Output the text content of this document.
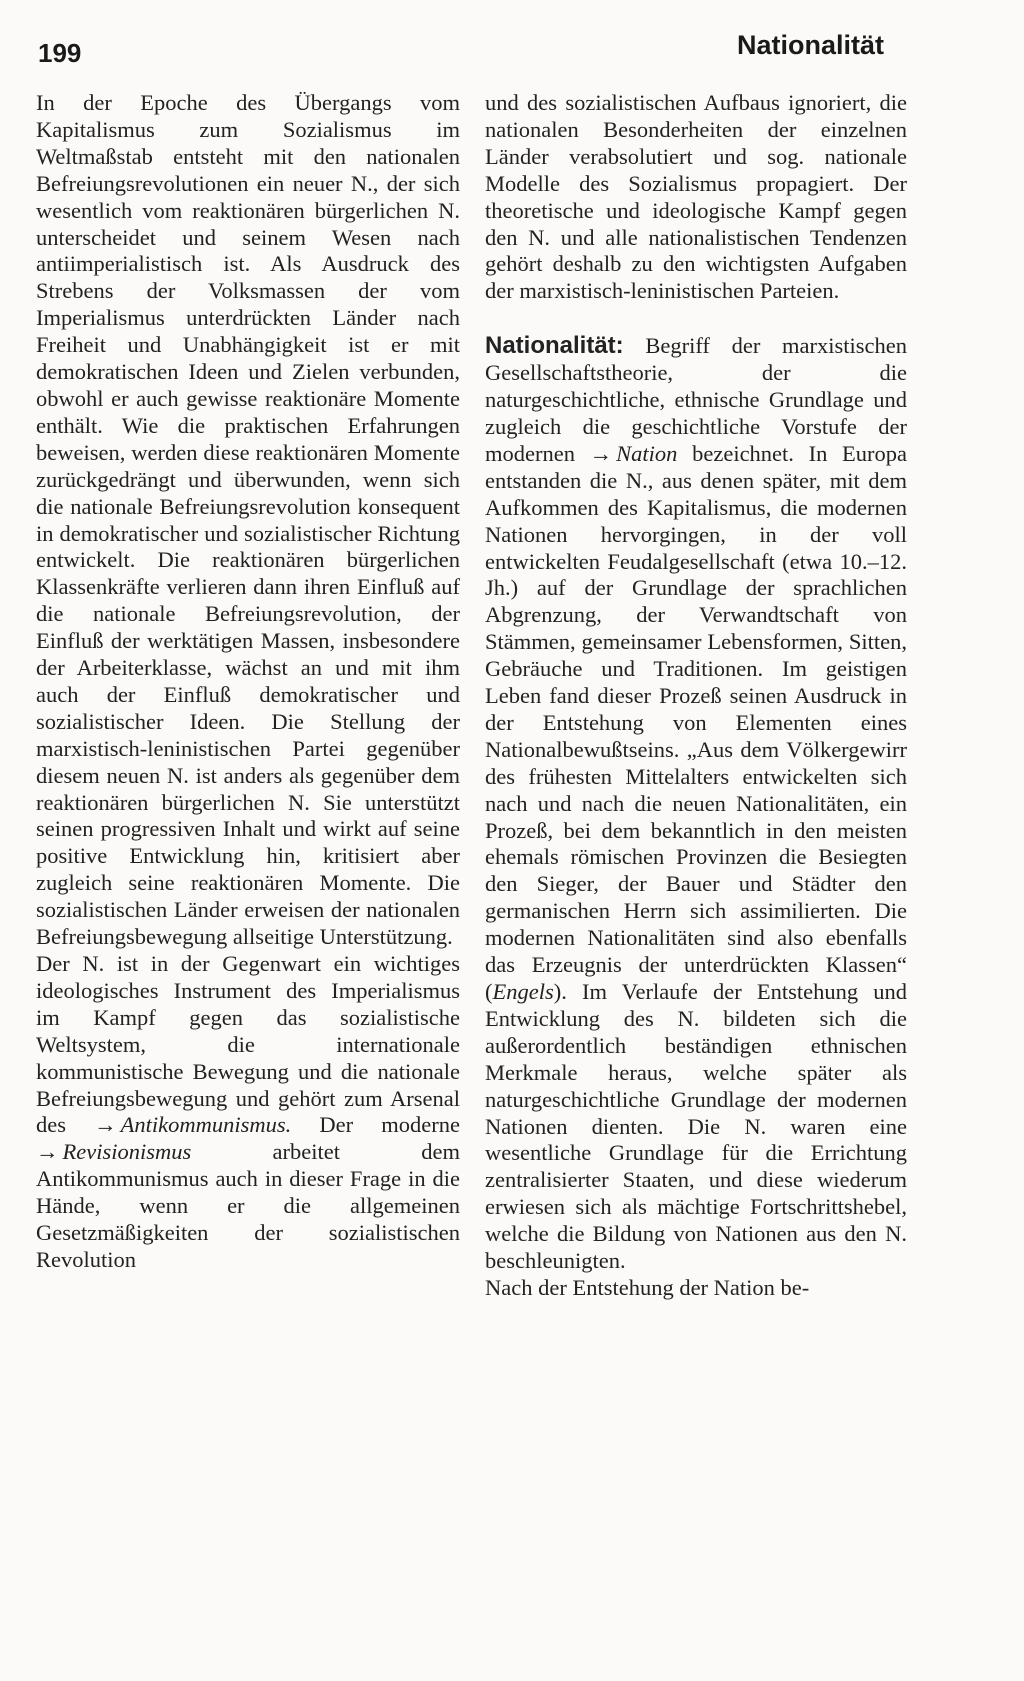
199	Nationalität

In der Epoche des Übergangs vom Kapitalismus zum Sozialismus im Weltmaßstab entsteht mit den nationalen Befreiungsrevolutionen ein neuer N., der sich wesentlich vom reaktionären bürgerlichen N. unterscheidet und seinem Wesen nach antiimperialistisch ist. Als Ausdruck des Strebens der Volksmassen der vom Imperialismus unterdrückten Länder nach Freiheit und Unabhängigkeit ist er mit demokratischen Ideen und Zielen verbunden, obwohl er auch gewisse reaktionäre Momente enthält. Wie die praktischen Erfahrungen beweisen, werden diese reaktionären Momente zurückgedrängt und überwunden, wenn sich die nationale Befreiungsrevolution konsequent in demokratischer und sozialistischer Richtung entwickelt. Die reaktionären bürgerlichen Klassenkräfte verlieren dann ihren Einfluß auf die nationale Befreiungsrevolution, der Einfluß der werktätigen Massen, insbesondere der Arbeiterklasse, wächst an und mit ihm auch der Einfluß demokratischer und sozialistischer Ideen. Die Stellung der marxistisch-leninistischen Partei gegenüber diesem neuen N. ist anders als gegenüber dem reaktionären bürgerlichen N. Sie unterstützt seinen progressiven Inhalt und wirkt auf seine positive Entwicklung hin, kritisiert aber zugleich seine reaktionären Momente. Die sozialistischen Länder erweisen der nationalen Befreiungsbewegung allseitige Unterstützung.

Der N. ist in der Gegenwart ein wichtiges ideologisches Instrument des Imperialismus im Kampf gegen das sozialistische Weltsystem, die internationale kommunistische Bewegung und die nationale Befreiungsbewegung und gehört zum Arsenal des → Antikommunismus. Der moderne → Revisionismus	arbeitet dem Antikommunismus auch in dieser Frage in die Hände, wenn er die allgemeinen Gesetzmäßigkeiten der sozialistischen Revolution

und des sozialistischen Aufbaus ignoriert, die nationalen Besonderheiten der einzelnen Länder verabsolutiert und sog. nationale Modelle des Sozialismus propagiert. Der theoretische und ideologische Kampf gegen den N. und alle nationalistischen Tendenzen gehört deshalb zu den wichtigsten Aufgaben der marxistisch-leninistischen Parteien.

Nationalität: Begriff der marxistischen Gesellschaftstheorie, der die naturgeschichtliche, ethnische Grundlage und zugleich die geschichtliche Vorstufe der modernen → Nation bezeichnet. In Europa entstanden die N., aus denen später, mit dem Aufkommen des Kapitalismus, die modernen Nationen hervorgingen, in der voll entwickelten Feudalgesellschaft (etwa 10.–12. Jh.) auf der Grundlage der sprachlichen Abgrenzung, der Verwandtschaft von Stämmen, gemeinsamer Lebensformen, Sitten, Gebräuche und Traditionen. Im geistigen Leben fand dieser Prozeß seinen Ausdruck in der Entstehung von Elementen eines Nationalbewußtseins. „Aus dem Völkergewirr des frühesten Mittelalters entwickelten sich nach und nach die neuen Nationalitäten, ein Prozeß, bei dem bekanntlich in den meisten ehemals römischen Provinzen die Besiegten den Sieger, der Bauer und Städter den germanischen Herrn sich assimilierten. Die modernen Nationalitäten sind also ebenfalls das Erzeugnis der unterdrückten Klassen“ (Engels). Im Verlaufe der Entstehung und Entwicklung des N. bildeten sich die außerordentlich beständigen ethnischen Merkmale heraus, welche später als naturgeschichtliche Grundlage der modernen Nationen dienten. Die N. waren eine wesentliche Grundlage für die Errichtung zentralisierter Staaten, und diese wiederum erwiesen sich als mächtige Fortschrittshebel, welche die Bildung von Nationen aus den N. beschleunigten.

Nach der Entstehung der Nation be-
